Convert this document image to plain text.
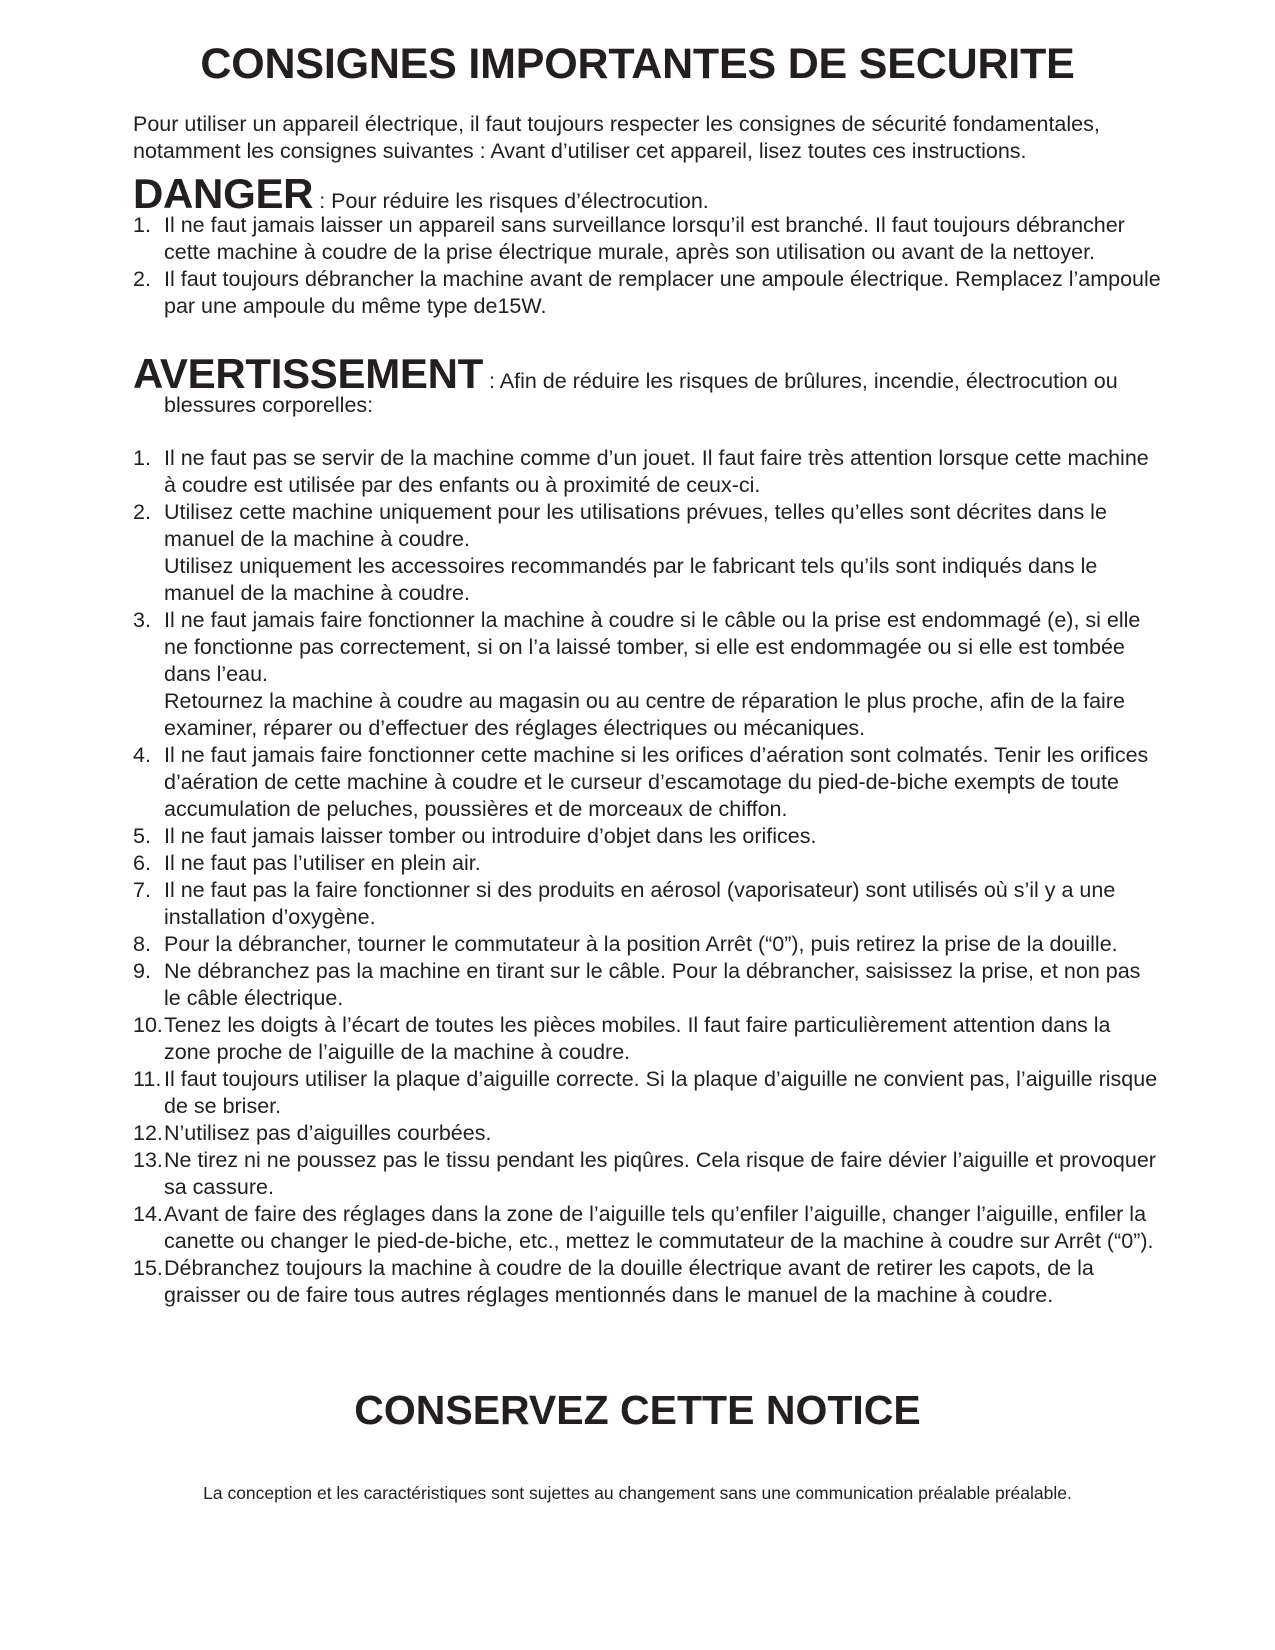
CONSIGNES IMPORTANTES DE SECURITE
Pour utiliser un appareil électrique, il faut toujours respecter les consignes de sécurité fondamentales, notamment les consignes suivantes : Avant d’utiliser cet appareil, lisez toutes ces instructions.
DANGER : Pour réduire les risques d’électrocution.
1. Il ne faut jamais laisser un appareil sans surveillance lorsqu’il est branché. Il faut toujours débrancher cette machine à coudre de la prise électrique murale, après son utilisation ou avant de la nettoyer.
2. Il faut toujours débrancher la machine avant de remplacer une ampoule électrique. Remplacez l’ampoule par une ampoule du même type de15W.
AVERTISSEMENT : Afin de réduire les risques de brûlures, incendie, électrocution ou
blessures corporelles:
1. Il ne faut pas se servir de la machine comme d’un jouet. Il faut faire très attention lorsque cette machine à coudre est utilisée par des enfants ou à proximité de ceux-ci.
2. Utilisez cette machine uniquement pour les utilisations prévues, telles qu’elles sont décrites dans le manuel de la machine à coudre.
Utilisez uniquement les accessoires recommandés par le fabricant tels qu’ils sont indiqués dans le manuel de la machine à coudre.
3. Il ne faut jamais faire fonctionner la machine à coudre si le câble ou la prise est endommagé (e), si elle ne fonctionne pas correctement, si on l’a laissé tomber, si elle est endommagée ou si elle est tombée dans l’eau.
Retournez la machine à coudre au magasin ou au centre de réparation le plus proche, afin de la faire examiner, réparer ou d’effectuer des réglages électriques ou mécaniques.
4. Il ne faut jamais faire fonctionner cette machine si les orifices d’aération sont colmatés. Tenir les orifices d’aération de cette machine à coudre et le curseur d’escamotage du pied-de-biche exempts de toute accumulation de peluches, poussières et de morceaux de chiffon.
5. Il ne faut jamais laisser tomber ou introduire d’objet dans les orifices.
6. Il ne faut pas l’utiliser en plein air.
7. Il ne faut pas la faire fonctionner si des produits en aérosol (vaporisateur) sont utilisés où s’il y a une installation d’oxygène.
8. Pour la débrancher, tourner le commutateur à la position Arrêt (“0”), puis retirez la prise de la douille.
9. Ne débranchez pas la machine en tirant sur le câble. Pour la débrancher, saisissez la prise, et non pas le câble électrique.
10. Tenez les doigts à l’écart de toutes les pièces mobiles. Il faut faire particulièrement attention dans la zone proche de l’aiguille de la machine à coudre.
11. Il faut toujours utiliser la plaque d’aiguille correcte. Si la plaque d’aiguille ne convient pas, l’aiguille risque de se briser.
12. N’utilisez pas d’aiguilles courbées.
13. Ne tirez ni ne poussez pas le tissu pendant les piqûres. Cela risque de faire dévier l’aiguille et provoquer sa cassure.
14. Avant de faire des réglages dans la zone de l’aiguille tels qu’enfiler l’aiguille, changer l’aiguille, enfiler la canette ou changer le pied-de-biche, etc., mettez le commutateur de la machine à coudre sur Arrêt (“0”).
15. Débranchez toujours la machine à coudre de la douille électrique avant de retirer les capots, de la graisser ou de faire tous autres réglages mentionnés dans le manuel de la machine à coudre.
CONSERVEZ CETTE NOTICE
La conception et les caractéristiques sont sujettes au changement sans une communication préalable préalable.
